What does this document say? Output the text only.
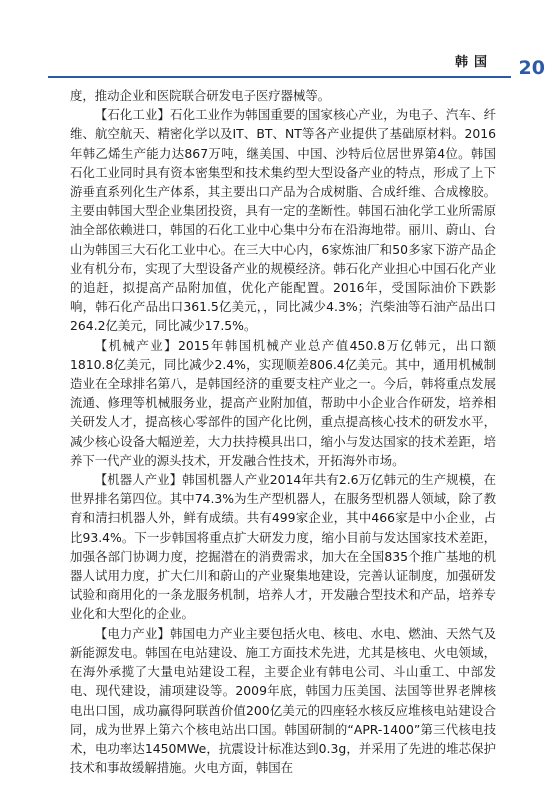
韩国 20

度，推动企业和医院联合研发电子医疗器械等。

【石化工业】石化工业作为韩国重要的国家核心产业，为电子、汽车、纤维、航空航天、精密化学以及IT、BT、NT等各产业提供了基础原材料。2016年韩乙烯生产能力达867万吨，继美国、中国、沙特后位居世界第4位。韩国石化工业同时具有资本密集型和技术集约型大型设备产业的特点，形成了上下游垂直系列化生产体系，其主要出口产品为合成树脂、合成纤维、合成橡胶。主要由韩国大型企业集团投资，具有一定的垄断性。韩国石油化学工业所需原油全部依赖进口，韩国的石化工业中心集中分布在沿海地带。丽川、蔚山、台山为韩国三大石化工业中心。在三大中心内，6家炼油厂和50多家下游产品企业有机分布，实现了大型设备产业的规模经济。韩石化产业担心中国石化产业的追赶，拟提高产品附加值，优化产能配置。2016年，受国际油价下跌影响，韩石化产品出口361.5亿美元，，同比减少4.3%；汽柴油等石油产品出口264.2亿美元，同比减少17.5%。

【机械产业】2015年韩国机械产业总产值450.8万亿韩元，出口额1810.8亿美元，同比减少2.4%，实现顺差806.4亿美元。其中，通用机械制造业在全球排名第八，是韩国经济的重要支柱产业之一。今后，韩将重点发展流通、修理等机械服务业，提高产业附加值，帮助中小企业合作研发，培养相关研发人才，提高核心零部件的国产化比例，重点提高核心技术的研发水平，减少核心设备大幅逆差，大力扶持模具出口，缩小与发达国家的技术差距，培养下一代产业的源头技术，开发融合性技术，开拓海外市场。

【机器人产业】韩国机器人产业2014年共有2.6万亿韩元的生产规模，在世界排名第四位。其中74.3%为生产型机器人，在服务型机器人领域，除了教育和清扫机器人外，鲜有成绩。共有499家企业，其中466家是中小企业，占比93.4%。下一步韩国将重点扩大研发力度，缩小目前与发达国家技术差距，加强各部门协调力度，挖掘潜在的消费需求，加大在全国835个推广基地的机器人试用力度，扩大仁川和蔚山的产业聚集地建设，完善认证制度，加强研发试验和商用化的一条龙服务机制，培养人才，开发融合型技术和产品，培养专业化和大型化的企业。

【电力产业】韩国电力产业主要包括火电、核电、水电、燃油、天然气及新能源发电。韩国在电站建设、施工方面技术先进，尤其是核电、火电领域，在海外承揽了大量电站建设工程，主要企业有韩电公司、斗山重工、中部发电、现代建设，浦项建设等。2009年底，韩国力压美国、法国等世界老牌核电出口国，成功赢得阿联酋价值200亿美元的四座轻水核反应堆核电站建设合同，成为世界上第六个核电站出口国。韩国研制的“APR-1400”第三代核电技术，电功率达1450MWe，抗震设计标准达到0.3g，并采用了先进的堆芯保护技术和事故缓解措施。火电方面，韩国在
